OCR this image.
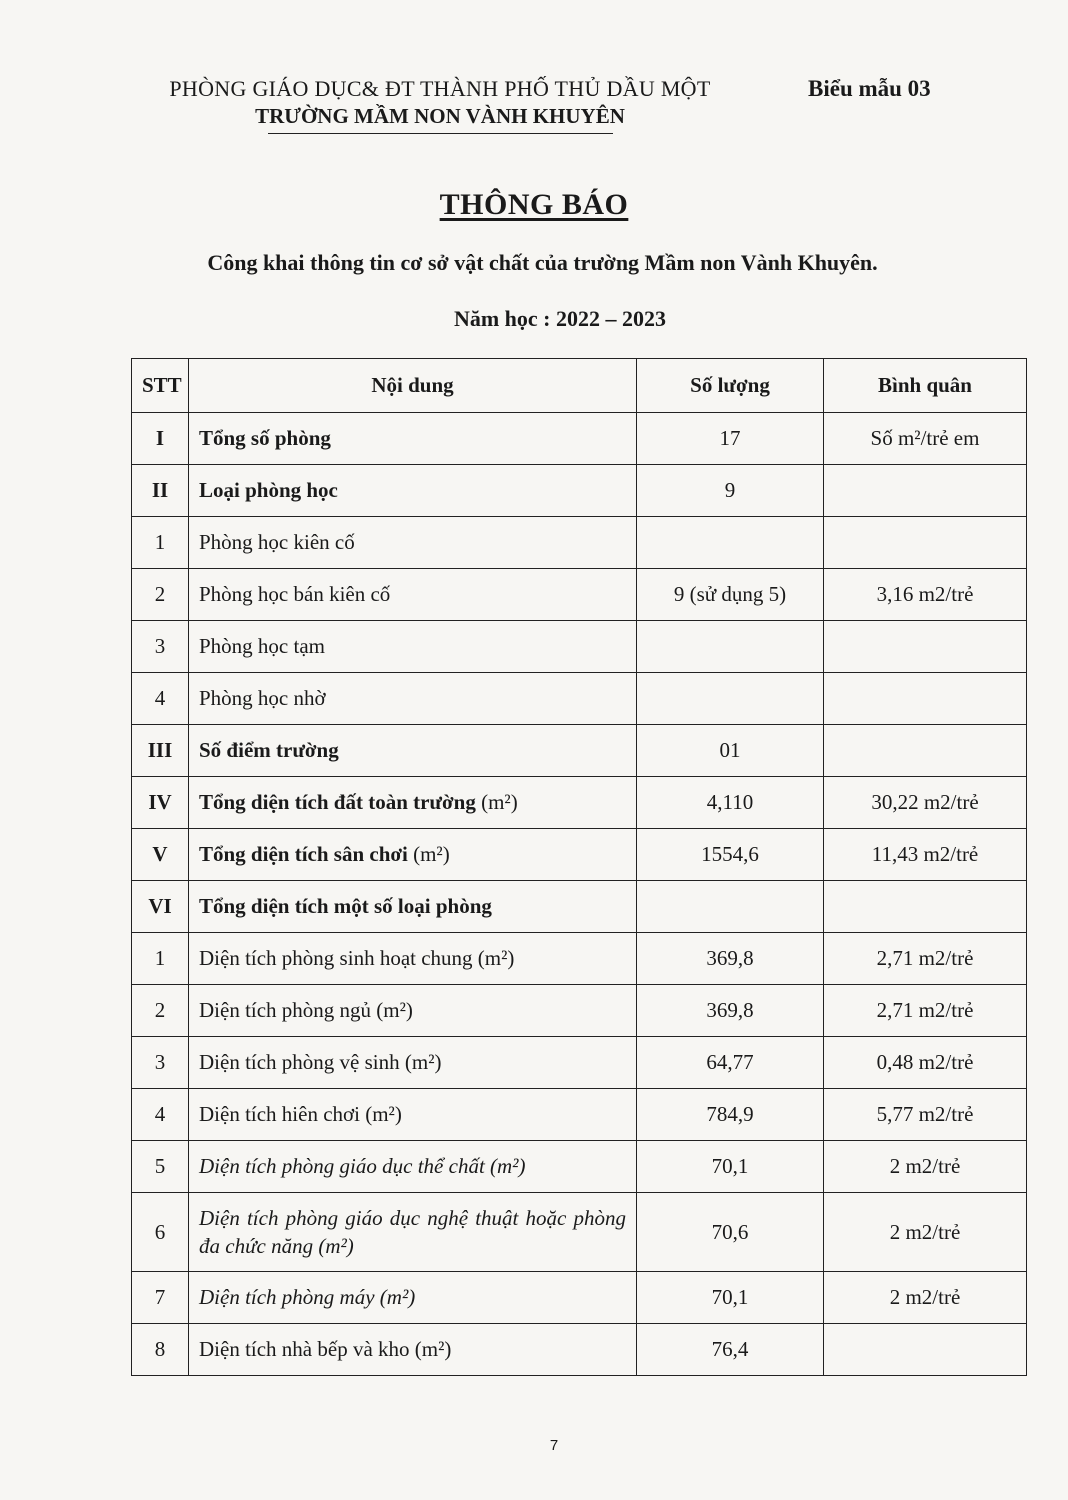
PHÒNG GIÁO DỤC& ĐT THÀNH PHỐ THỦ DẦU MỘT
TRƯỜNG MẦM NON VÀNH KHUYÊN
Biểu mẫu 03
THÔNG BÁO
Công khai thông tin cơ sở vật chất của trường Mầm non Vành Khuyên.
Năm học : 2022 – 2023
STT	Nội dung	Số lượng	Bình quân
I	Tổng số phòng	17	Số m²/trẻ em
II	Loại phòng học	9	
1	Phòng học kiên cố		
2	Phòng học bán kiên cố	9 (sử dụng 5)	3,16 m2/trẻ
3	Phòng học tạm		
4	Phòng học nhờ		
III	Số điểm trường	01	
IV	Tổng diện tích đất toàn trường (m²)	4,110	30,22 m2/trẻ
V	Tổng diện tích sân chơi (m²)	1554,6	11,43 m2/trẻ
VI	Tổng diện tích một số loại phòng		
1	Diện tích phòng sinh hoạt chung (m²)	369,8	2,71 m2/trẻ
2	Diện tích phòng ngủ (m²)	369,8	2,71 m2/trẻ
3	Diện tích phòng vệ sinh (m²)	64,77	0,48 m2/trẻ
4	Diện tích hiên chơi (m²)	784,9	5,77 m2/trẻ
5	Diện tích phòng giáo dục thể chất (m²)	70,1	2 m2/trẻ
6	Diện tích phòng giáo dục nghệ thuật hoặc phòng đa chức năng (m²)	70,6	2 m2/trẻ
7	Diện tích phòng máy (m²)	70,1	2 m2/trẻ
8	Diện tích nhà bếp và kho (m²)	76,4	
7
